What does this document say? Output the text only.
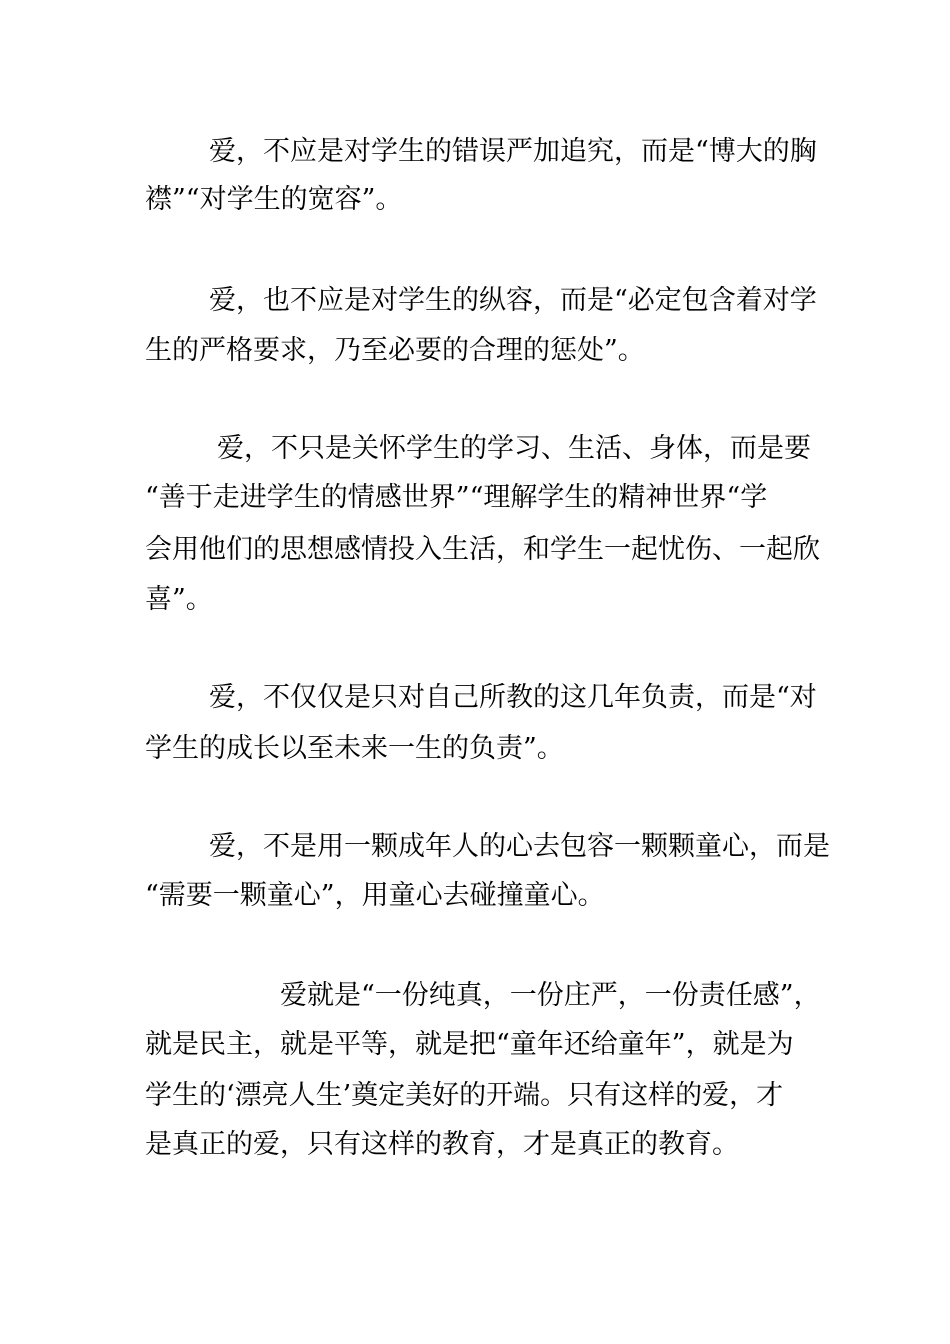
爱，不应是对学生的错误严加追究，而是“博大的胸
襟”“对学生的宽容”。
爱，也不应是对学生的纵容，而是“必定包含着对学
生的严格要求，乃至必要的合理的惩处”。
爱，不只是关怀学生的学习、生活、身体，而是要
“善于走进学生的情感世界”“理解学生的精神世界“学
会用他们的思想感情投入生活，和学生一起忧伤、一起欣
喜”。
爱，不仅仅是只对自己所教的这几年负责，而是“对
学生的成长以至未来一生的负责”。
爱，不是用一颗成年人的心去包容一颗颗童心，而是
“需要一颗童心”，用童心去碰撞童心。
爱就是“一份纯真，一份庄严，一份责任感”，
就是民主，就是平等，就是把“童年还给童年”，就是为
学生的‘漂亮人生’奠定美好的开端。只有这样的爱，才
是真正的爱，只有这样的教育，才是真正的教育。
